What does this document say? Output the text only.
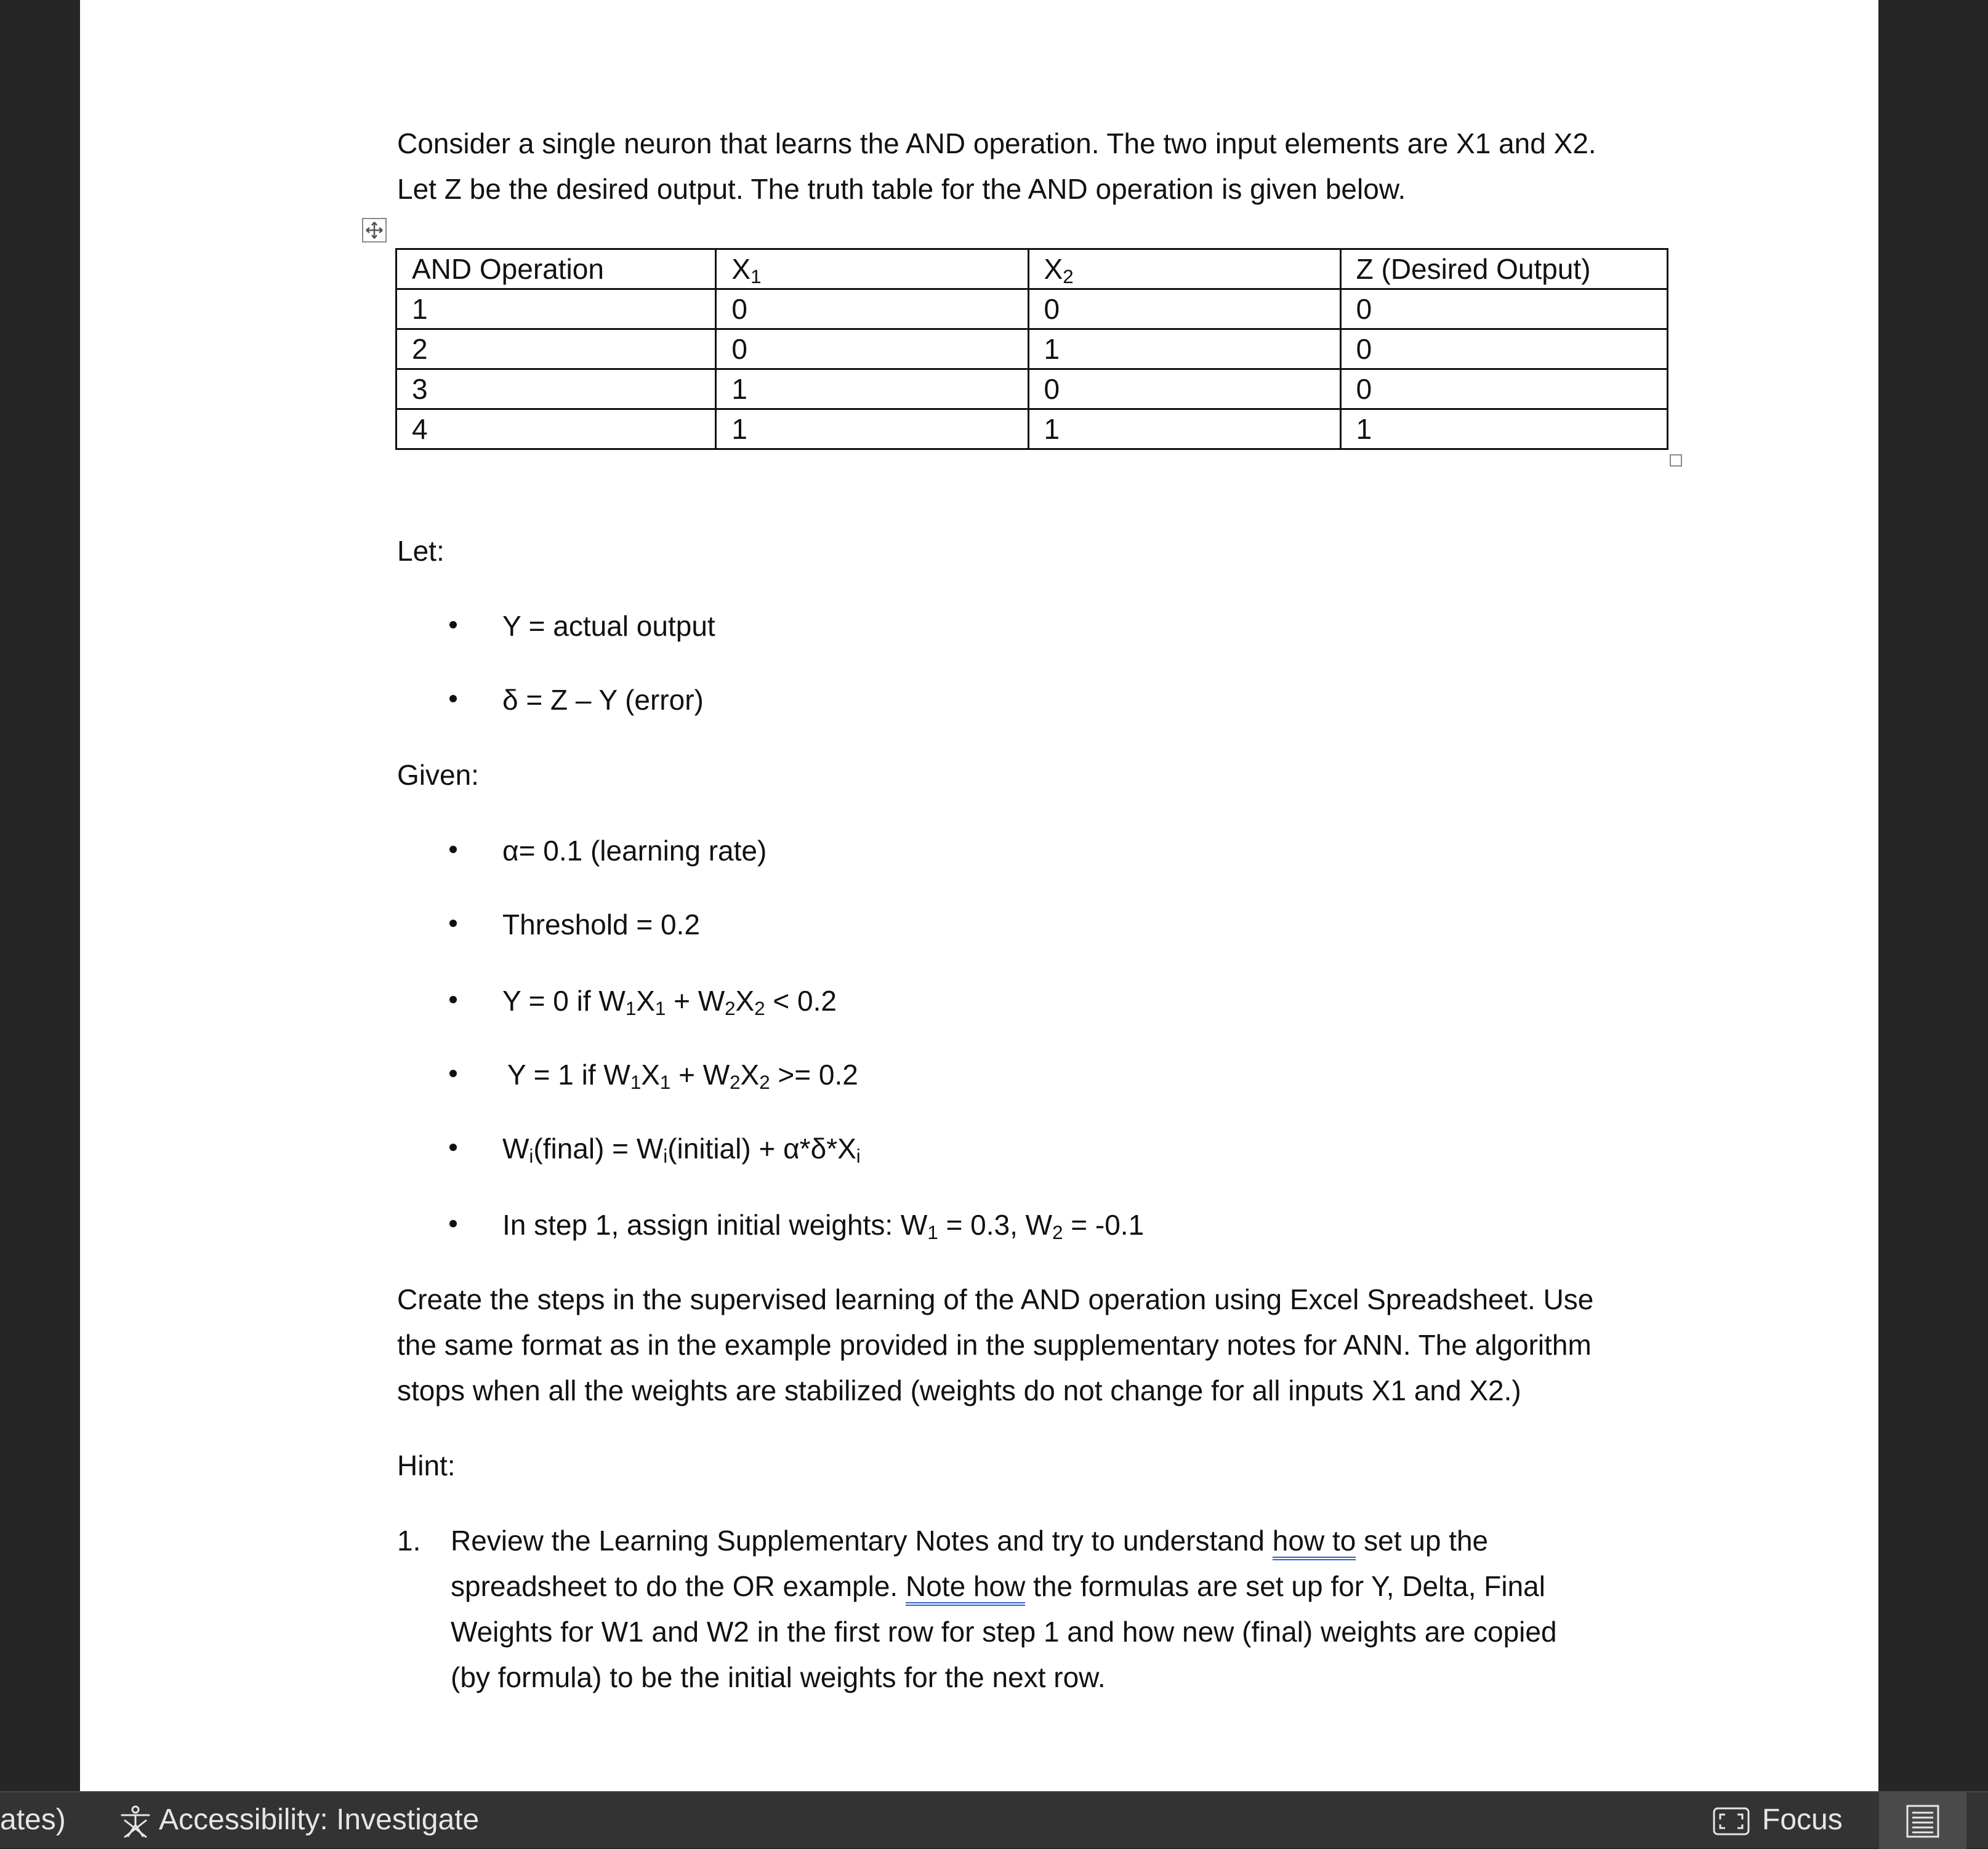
Consider a single neuron that learns the AND operation. The two input elements are X1 and X2.
Let Z be the desired output. The truth table for the AND operation is given below.

AND Operation	$X_1$	$X_2$	Z (Desired Output)
1	0	0	0
2	0	1	0
3	1	0	0
4	1	1	1

Let:

Y = actual output
δ = Z – Y (error)

Given:

α= 0.1 (learning rate)
Threshold = 0.2
Y = 0 if $W_1X_1 + W_2X_2 < 0.2$
Y = 1 if $W_1X_1 + W_2X_2 >= 0.2$
$W_i(final)$ = $W_i(initial) + \alpha*\delta*X_i$
In step 1, assign initial weights: $W_1 = 0.3$, $W_2 = -0.1$

Create the steps in the supervised learning of the AND operation using Excel Spreadsheet. Use
the same format as in the example provided in the supplementary notes for ANN. The algorithm
stops when all the weights are stabilized (weights do not change for all inputs X1 and X2.)

Hint:

1. Review the Learning Supplementary Notes and try to understand how to set up the
spreadsheet to do the OR example. Note how the formulas are set up for Y, Delta, Final
Weights for W1 and W2 in the first row for step 1 and how new (final) weights are copied
(by formula) to be the initial weights for the next row.
ates)	Accessibility: Investigate	Focus
